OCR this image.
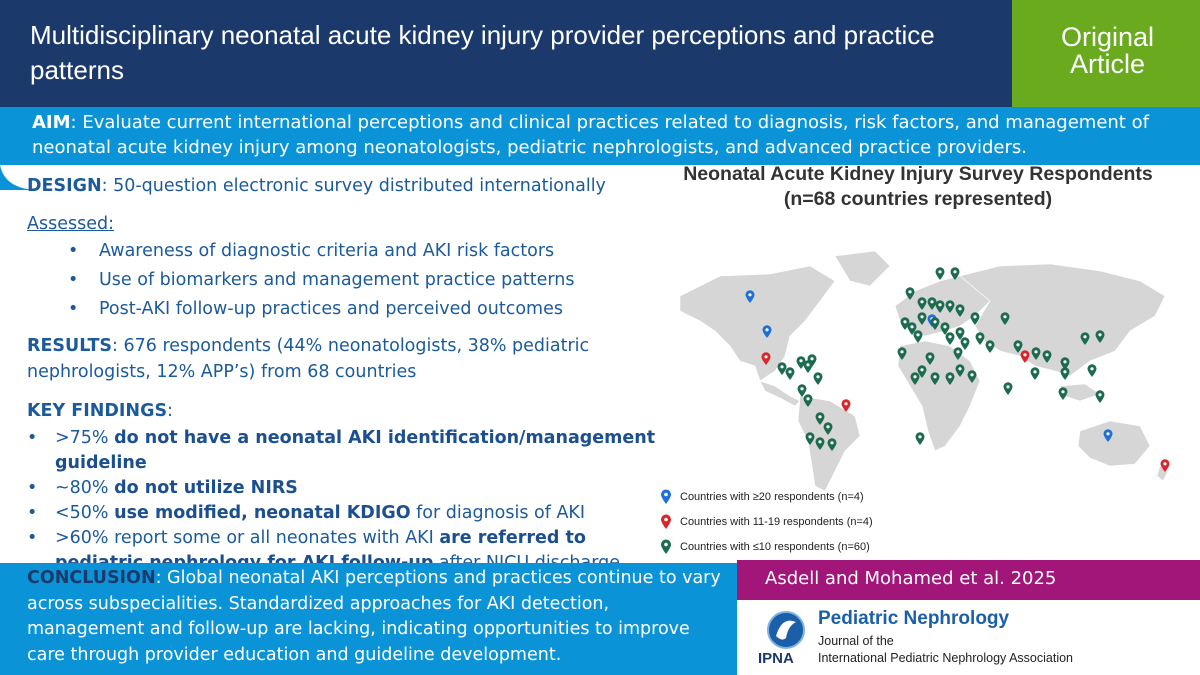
Multidisciplinary neonatal acute kidney injury provider perceptions and practice patterns
Original
Article
AIM: Evaluate current international perceptions and clinical practices related to diagnosis, risk factors, and management of neonatal acute kidney injury among neonatologists, pediatric nephrologists, and advanced practice providers.
DESIGN: 50-question electronic survey distributed internationally
Assessed:
• Awareness of diagnostic criteria and AKI risk factors
• Use of biomarkers and management practice patterns
• Post-AKI follow-up practices and perceived outcomes
RESULTS: 676 respondents (44% neonatologists, 38% pediatric nephrologists, 12% APP’s) from 68 countries
KEY FINDINGS:
• >75% do not have a neonatal AKI identification/management guideline
• ~80% do not utilize NIRS
• <50% use modified, neonatal KDIGO for diagnosis of AKI
• >60% report some or all neonates with AKI are referred to
Neonatal Acute Kidney Injury Survey Respondents
(n=68 countries represented)
Countries with ≥20 respondents (n=4)
Countries with 11-19 respondents (n=4)
Countries with ≤10 respondents (n=60)
CONCLUSION: Global neonatal AKI perceptions and practices continue to vary across subspecialities. Standardized approaches for AKI detection, management and follow-up are lacking, indicating opportunities to improve care through provider education and guideline development.
Asdell and Mohamed et al. 2025
IPNA
Pediatric Nephrology
Journal of the
International Pediatric Nephrology Association
